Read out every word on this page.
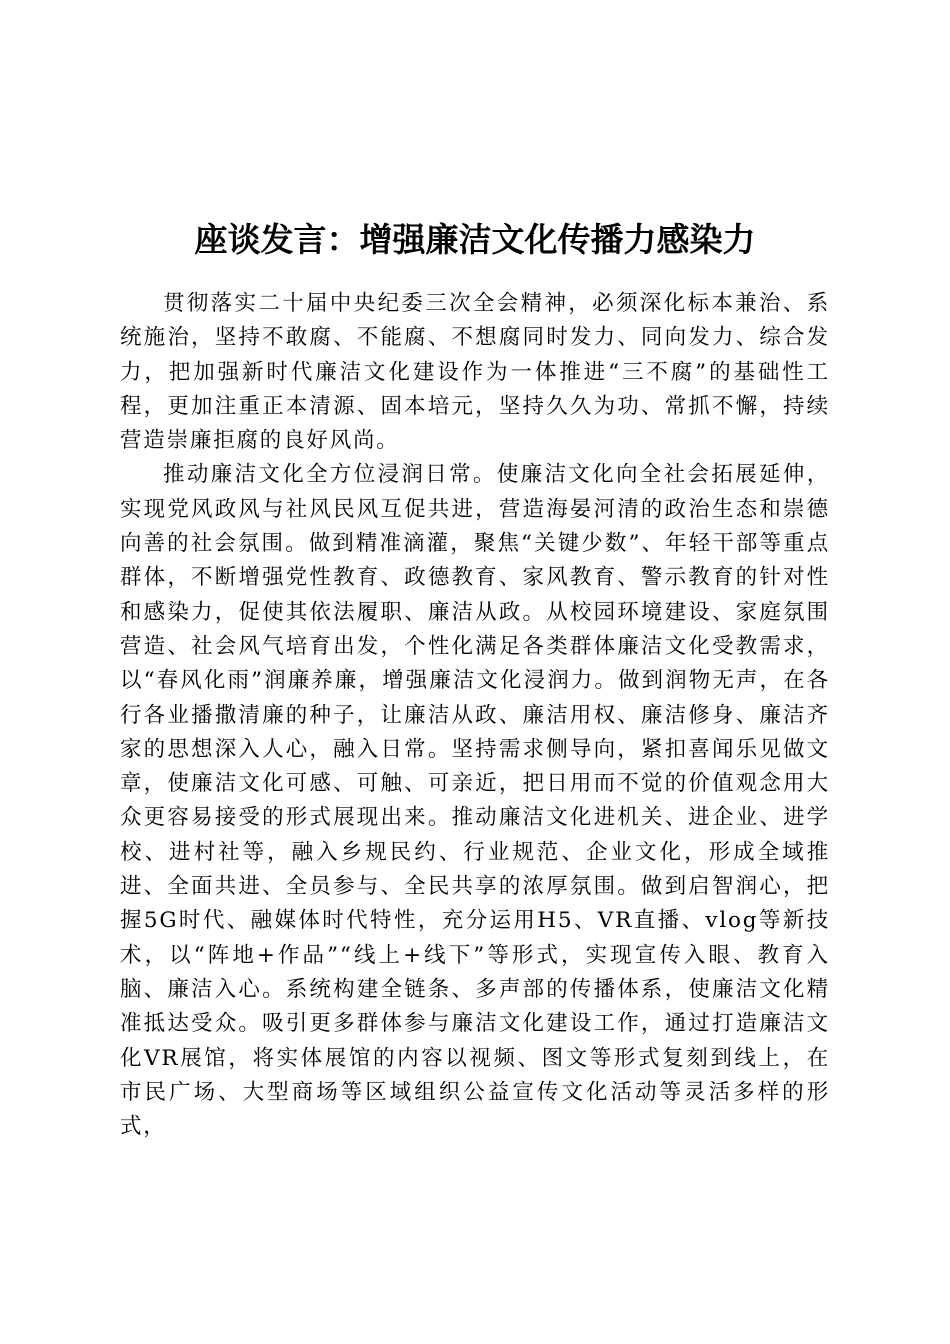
座谈发言：增强廉洁文化传播力感染力

贯彻落实二十届中央纪委三次全会精神，必须深化标本兼治、系统施治，坚持不敢腐、不能腐、不想腐同时发力、同向发力、综合发力，把加强新时代廉洁文化建设作为一体推进“三不腐”的基础性工程，更加注重正本清源、固本培元，坚持久久为功、常抓不懈，持续营造崇廉拒腐的良好风尚。

推动廉洁文化全方位浸润日常。使廉洁文化向全社会拓展延伸，实现党风政风与社风民风互促共进，营造海晏河清的政治生态和崇德向善的社会氛围。做到精准滴灌，聚焦“关键少数”、年轻干部等重点群体，不断增强党性教育、政德教育、家风教育、警示教育的针对性和感染力，促使其依法履职、廉洁从政。从校园环境建设、家庭氛围营造、社会风气培育出发，个性化满足各类群体廉洁文化受教需求，以“春风化雨”润廉养廉，增强廉洁文化浸润力。做到润物无声，在各行各业播撒清廉的种子，让廉洁从政、廉洁用权、廉洁修身、廉洁齐家的思想深入人心，融入日常。坚持需求侧导向，紧扣喜闻乐见做文章，使廉洁文化可感、可触、可亲近，把日用而不觉的价值观念用大众更容易接受的形式展现出来。推动廉洁文化进机关、进企业、进学校、进村社等，融入乡规民约、行业规范、企业文化，形成全域推进、全面共进、全员参与、全民共享的浓厚氛围。做到启智润心，把握5G时代、融媒体时代特性，充分运用H5、VR直播、vlog等新技术，以“阵地+作品”“线上+线下”等形式，实现宣传入眼、教育入脑、廉洁入心。系统构建全链条、多声部的传播体系，使廉洁文化精准抵达受众。吸引更多群体参与廉洁文化建设工作，通过打造廉洁文化VR展馆，将实体展馆的内容以视频、图文等形式复刻到线上，在市民广场、大型商场等区域组织公益宣传文化活动等灵活多样的形式，
